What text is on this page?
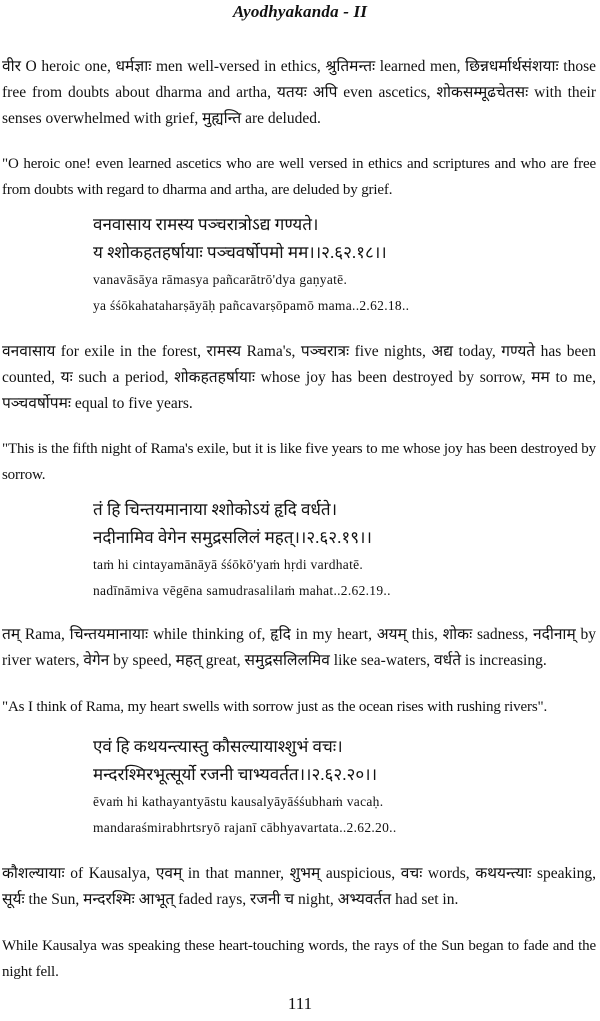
Ayodhyakanda - II

वीर O heroic one, धर्मज्ञाः men well-versed in ethics, श्रुतिमन्तः learned men, छिन्नधर्मार्थसंशयाः those free from doubts about dharma and artha, यतयः अपि even ascetics, शोकसम्मूढचेतसः with their senses overwhelmed with grief, मुह्यन्ति are deluded.

"O heroic one! even learned ascetics who are well versed in ethics and scriptures and who are free from doubts with regard to dharma and artha, are deluded by grief.

वनवासाय रामस्य पञ्चरात्रोऽद्य गण्यते।
य श्शोकहतहर्षायाः पञ्चवर्षोपमो मम।।२.६२.१८।।
vanavāsāya rāmasya pañcarātrō'dya gaṇyatē.
ya śśōkahataharṣāyāḥ pañcavarṣōpamō mama..2.62.18..

वनवासाय for exile in the forest, रामस्य Rama's, पञ्चरात्रः five nights, अद्य today, गण्यते has been counted, यः such a period, शोकहतहर्षायाः whose joy has been destroyed by sorrow, मम to me, पञ्चवर्षोपमः equal to five years.

"This is the fifth night of Rama's exile, but it is like five years to me whose joy has been destroyed by sorrow.

तं हि चिन्तयमानाया श्शोकोऽयं हृदि वर्धते।
नदीनामिव वेगेन समुद्रसलिलं महत्।।२.६२.१९।।
taṁ hi cintayamānāyā śśōkō'yaṁ hṛdi vardhatē.
nadīnāmiva vēgēna samudrasalilaṁ mahat..2.62.19..

तम् Rama, चिन्तयमानायाः while thinking of, हृदि in my heart, अयम् this, शोकः sadness, नदीनाम् by river waters, वेगेन by speed, महत् great, समुद्रसलिलमिव like sea-waters, वर्धते is increasing.

"As I think of Rama, my heart swells with sorrow just as the ocean rises with rushing rivers".

एवं हि कथयन्त्यास्तु कौसल्यायाश्शुभं वचः।
मन्दरश्मिरभूत्सूर्यो रजनी चाभ्यवर्तत।।२.६२.२०।।
ēvaṁ hi kathayantyāstu kausalyāyāśśubhaṁ vacaḥ.
mandaraśmirabhrtsryō rajanī cābhyavartata..2.62.20..

कौशल्यायाः of Kausalya, एवम् in that manner, शुभम् auspicious, वचः words, कथयन्त्याः speaking, सूर्यः the Sun, मन्दरश्मिः आभूत् faded rays, रजनी च night, अभ्यवर्तत had set in.

While Kausalya was speaking these heart-touching words, the rays of the Sun began to fade and the night fell.

111
